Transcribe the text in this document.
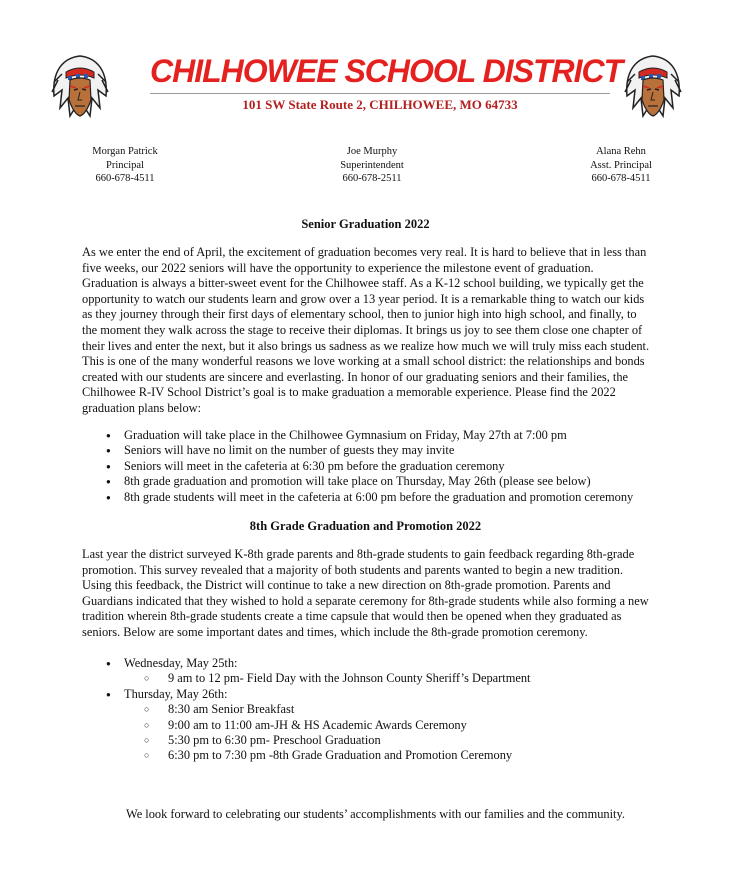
CHILHOWEE SCHOOL DISTRICT
101 SW State Route 2, CHILHOWEE, MO 64733
Morgan Patrick
Principal
660-678-4511
Joe Murphy
Superintendent
660-678-2511
Alana Rehn
Asst. Principal
660-678-4511
Senior Graduation 2022

As we enter the end of April, the excitement of graduation becomes very real. It is hard to believe that in less than five weeks, our 2022 seniors will have the opportunity to experience the milestone event of graduation. Graduation is always a bitter-sweet event for the Chilhowee staff. As a K-12 school building, we typically get the opportunity to watch our students learn and grow over a 13 year period. It is a remarkable thing to watch our kids as they journey through their first days of elementary school, then to junior high into high school, and finally, to the moment they walk across the stage to receive their diplomas. It brings us joy to see them close one chapter of their lives and enter the next, but it also brings us sadness as we realize how much we will truly miss each student. This is one of the many wonderful reasons we love working at a small school district: the relationships and bonds created with our students are sincere and everlasting. In honor of our graduating seniors and their families, the Chilhowee R-IV School District’s goal is to make graduation a memorable experience. Please find the 2022 graduation plans below:

● Graduation will take place in the Chilhowee Gymnasium on Friday, May 27th at 7:00 pm
● Seniors will have no limit on the number of guests they may invite
● Seniors will meet in the cafeteria at 6:30 pm before the graduation ceremony
● 8th grade graduation and promotion will take place on Thursday, May 26th (please see below)
● 8th grade students will meet in the cafeteria at 6:00 pm before the graduation and promotion ceremony
8th Grade Graduation and Promotion 2022

Last year the district surveyed K-8th grade parents and 8th-grade students to gain feedback regarding 8th-grade promotion. This survey revealed that a majority of both students and parents wanted to begin a new tradition. Using this feedback, the District will continue to take a new direction on 8th-grade promotion. Parents and Guardians indicated that they wished to hold a separate ceremony for 8th-grade students while also forming a new tradition wherein 8th-grade students create a time capsule that would then be opened when they graduated as seniors. Below are some important dates and times, which include the 8th-grade promotion ceremony.

● Wednesday, May 25th:
○ 9 am to 12 pm- Field Day with the Johnson County Sheriff’s Department
● Thursday, May 26th:
○ 8:30 am Senior Breakfast
○ 9:00 am to 11:00 am-JH & HS Academic Awards Ceremony
○ 5:30 pm to 6:30 pm- Preschool Graduation
○ 6:30 pm to 7:30 pm -8th Grade Graduation and Promotion Ceremony
We look forward to celebrating our students’ accomplishments with our families and the community.
